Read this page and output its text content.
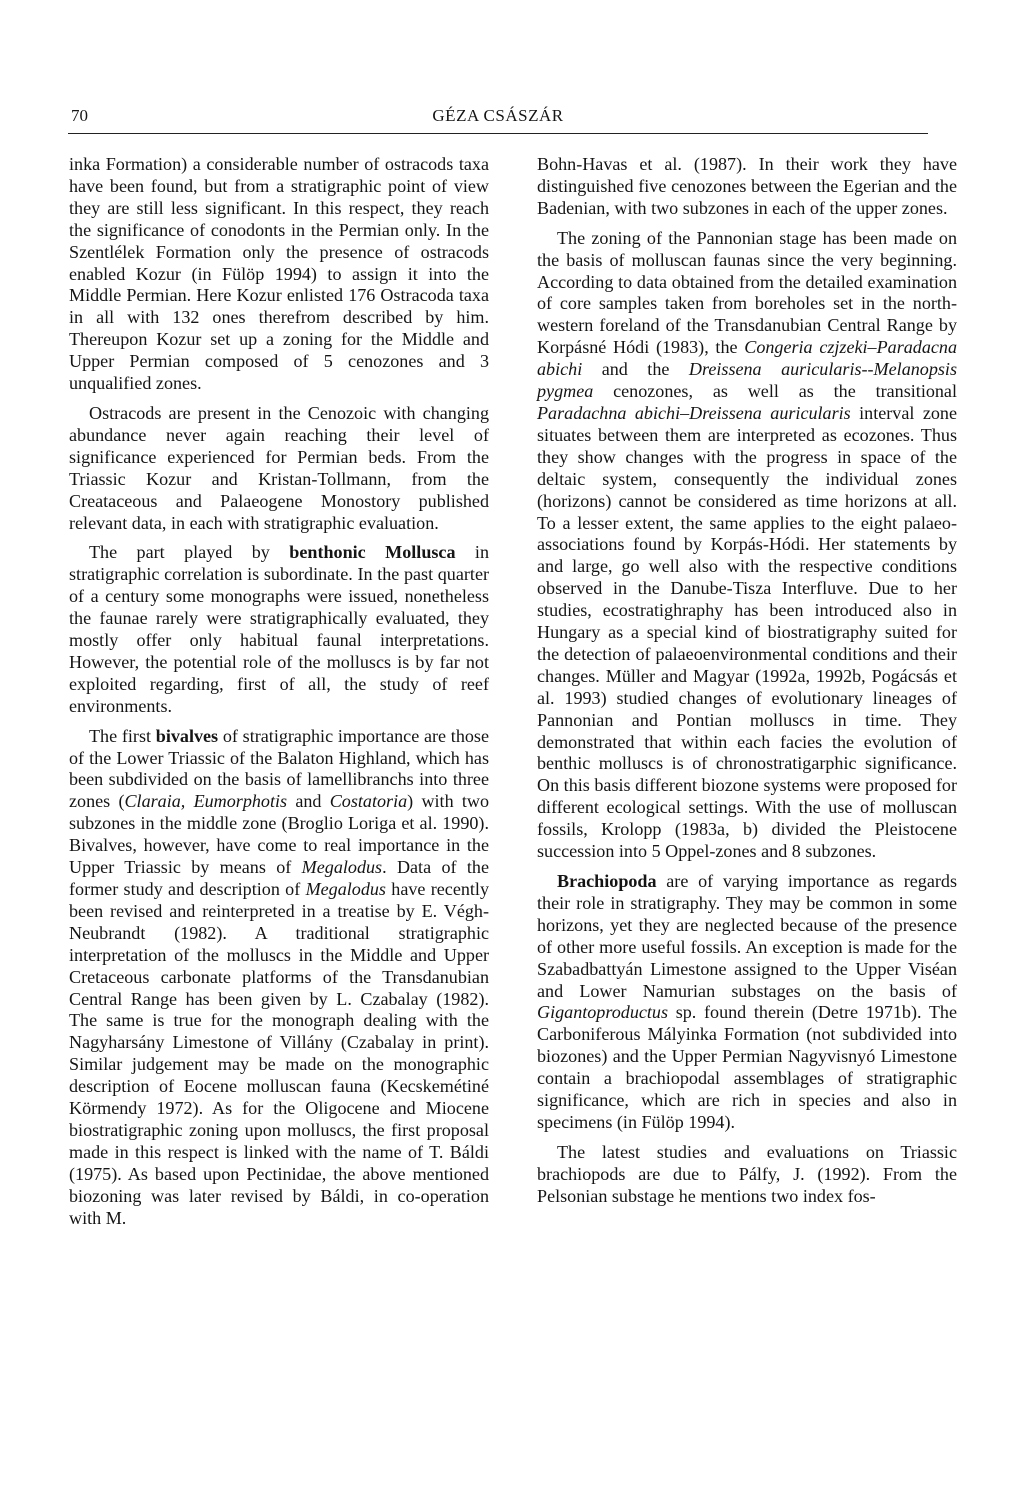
70	GÉZA CSÁSZÁR

inka Formation) a considerable number of ostracods taxa have been found, but from a stratigraphic point of view they are still less significant. In this respect, they reach the significance of conodonts in the Permian only. In the Szentlélek Formation only the presence of ostracods enabled Kozur (in Fülöp 1994) to assign it into the Middle Permian. Here Kozur enlisted 176 Ostracoda taxa in all with 132 ones therefrom described by him. Thereupon Kozur set up a zoning for the Middle and Upper Permian composed of 5 cenozones and 3 unqualified zones.

Ostracods are present in the Cenozoic with changing abundance never again reaching their level of significance experienced for Permian beds. From the Triassic Kozur and Kristan-Tollmann, from the Creataceous and Palaeogene Monostory published relevant data, in each with stratigraphic evaluation.

The part played by benthonic Mollusca in stratigraphic correlation is subordinate. In the past quarter of a century some monographs were issued, nonetheless the faunae rarely were stratigraphically evaluated, they mostly offer only habitual faunal interpretations. However, the potential role of the molluscs is by far not exploited regarding, first of all, the study of reef environments.

The first bivalves of stratigraphic importance are those of the Lower Triassic of the Balaton Highland, which has been subdivided on the basis of lamellibranchs into three zones (Claraia, Eumorphotis and Costatoria) with two subzones in the middle zone (Broglio Loriga et al. 1990). Bivalves, however, have come to real importance in the Upper Triassic by means of Megalodus. Data of the former study and description of Megalodus have recently been revised and reinterpreted in a treatise by E. Végh-Neubrandt (1982). A traditional stratigraphic interpretation of the molluscs in the Middle and Upper Cretaceous carbonate platforms of the Transdanubian Central Range has been given by L. Czabalay (1982). The same is true for the monograph dealing with the Nagyharsány Limestone of Villány (Czabalay in print). Similar judgement may be made on the monographic description of Eocene molluscan fauna (Kecskemétiné Körmendy 1972). As for the Oligocene and Miocene biostratigraphic zoning upon molluscs, the first proposal made in this respect is linked with the name of T. Báldi (1975). As based upon Pectinidae, the above mentioned biozoning was later revised by Báldi, in co-operation with M.

Bohn-Havas et al. (1987). In their work they have distinguished five cenozones between the Egerian and the Badenian, with two subzones in each of the upper zones.

The zoning of the Pannonian stage has been made on the basis of molluscan faunas since the very beginning. According to data obtained from the detailed examination of core samples taken from boreholes set in the north-western foreland of the Transdanubian Central Range by Korpásné Hódi (1983), the Congeria czjzeki–Paradacna abichi and the Dreissena auricularis--Melanopsis pygmea cenozones, as well as the transitional Paradachna abichi–Dreissena auricularis interval zone situates between them are interpreted as ecozones. Thus they show changes with the progress in space of the deltaic system, consequently the individual zones (horizons) cannot be considered as time horizons at all. To a lesser extent, the same applies to the eight palaeo-associations found by Korpás-Hódi. Her statements by and large, go well also with the respective conditions observed in the Danube-Tisza Interfluve. Due to her studies, ecostratighraphy has been introduced also in Hungary as a special kind of biostratigraphy suited for the detection of palaeoenvironmental conditions and their changes. Müller and Magyar (1992a, 1992b, Pogácsás et al. 1993) studied changes of evolutionary lineages of Pannonian and Pontian molluscs in time. They demonstrated that within each facies the evolution of benthic molluscs is of chronostratigarphic significance. On this basis different biozone systems were proposed for different ecological settings. With the use of molluscan fossils, Krolopp (1983a, b) divided the Pleistocene succession into 5 Oppel-zones and 8 subzones.

Brachiopoda are of varying importance as regards their role in stratigraphy. They may be common in some horizons, yet they are neglected because of the presence of other more useful fossils. An exception is made for the Szabadbattyán Limestone assigned to the Upper Viséan and Lower Namurian substages on the basis of Gigantoproductus sp. found therein (Detre 1971b). The Carboniferous Mályinka Formation (not subdivided into biozones) and the Upper Permian Nagyvisnyó Limestone contain a brachiopodal assemblages of stratigraphic significance, which are rich in species and also in specimens (in Fülöp 1994).

The latest studies and evaluations on Triassic brachiopods are due to Pálfy, J. (1992). From the Pelsonian substage he mentions two index fos-
